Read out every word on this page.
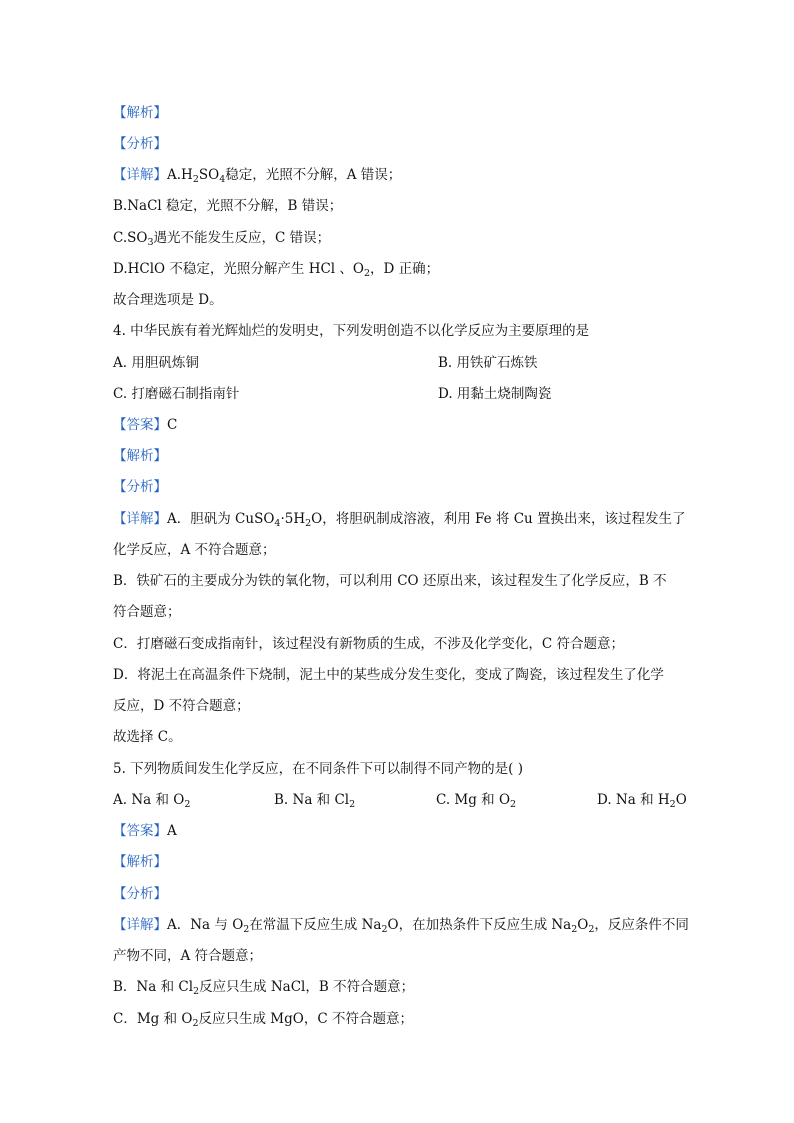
【解析】
【分析】
【详解】$A.H_2SO_4$稳定，光照不分解，A 错误；
B.NaCl 稳定，光照不分解，B 错误；
$C.SO_3$遇光不能发生反应，C 错误；
D.HClO 不稳定，光照分解产生 HCl 、$O_2$，D 正确；
故合理选项是 D。
4. 中华民族有着光辉灿烂的发明史，下列发明创造不以化学反应为主要原理的是
A. 用胆矾炼铜	B. 用铁矿石炼铁
C. 打磨磁石制指南针	D. 用黏土烧制陶瓷
【答案】C
【解析】
【分析】
【详解】A．胆矾为 $CuSO_4\cdot 5H_2O$，将胆矾制成溶液，利用 Fe 将 Cu 置换出来，该过程发生了
化学反应，A 不符合题意；
B．铁矿石的主要成分为铁的氧化物，可以利用 CO 还原出来，该过程发生了化学反应，B 不
符合题意；
C．打磨磁石变成指南针，该过程没有新物质的生成，不涉及化学变化，C 符合题意；
D．将泥土在高温条件下烧制，泥土中的某些成分发生变化，变成了陶瓷，该过程发生了化学
反应，D 不符合题意；
故选择 C。
5. 下列物质间发生化学反应，在不同条件下可以制得不同产物的是( )
A. Na 和 $O_2$	B. Na 和 $Cl_2$	C. Mg 和 $O_2$	D. Na 和 $H_2O$
【答案】A
【解析】
【分析】
【详解】A．Na 与 $O_2$在常温下反应生成 $Na_2O$，在加热条件下反应生成 $Na_2O_2$，反应条件不同
产物不同，A 符合题意；
B．Na 和 $Cl_2$反应只生成 NaCl，B 不符合题意；
C．Mg 和 $O_2$反应只生成 MgO，C 不符合题意；
